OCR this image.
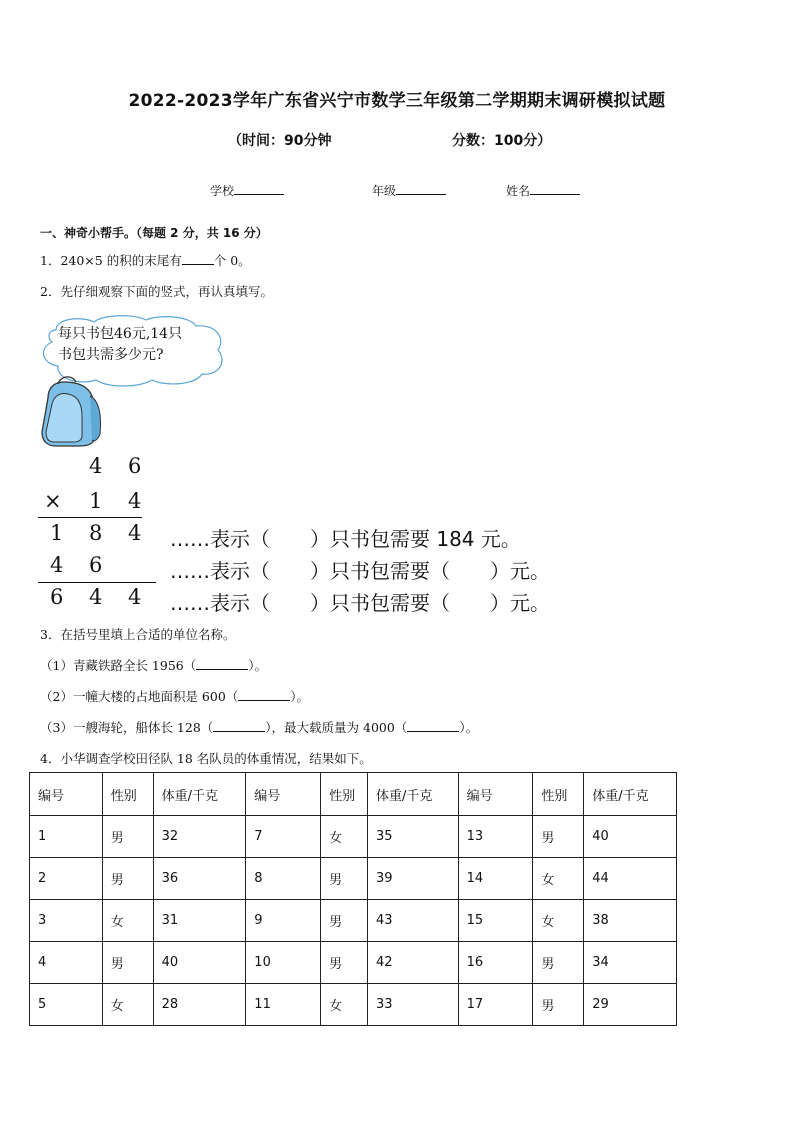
2022-2023学年广东省兴宁市数学三年级第二学期期末调研模拟试题
（时间：90分钟	分数：100分）
学校	年级	姓名
一、神奇小帮手。（每题 2 分，共 16 分）
1．240×5 的积的末尾有	个 0。
2．先仔细观察下面的竖式，再认真填写。
每只书包46元,14只
书包共需多少元?
4 6
× 1 4
1 8 4 ……表示（　　）只书包需要 184 元。
4 6	……表示（　　）只书包需要（　　）元。
6 4 4 ……表示（　　）只书包需要（　　）元。
3．在括号里填上合适的单位名称。
（1）青藏铁路全长 1956（	）。
（2）一幢大楼的占地面积是 600（	）。
（3）一艘海轮，船体长 128（	），最大载质量为 4000（	）。
4．小华调查学校田径队 18 名队员的体重情况，结果如下。
编号	性别	体重/千克	编号	性别	体重/千克	编号	性别	体重/千克
1	男	32	7	女	35	13	男	40
2	男	36	8	男	39	14	女	44
3	女	31	9	男	43	15	女	38
4	男	40	10	男	42	16	男	34
5	女	28	11	女	33	17	男	29
